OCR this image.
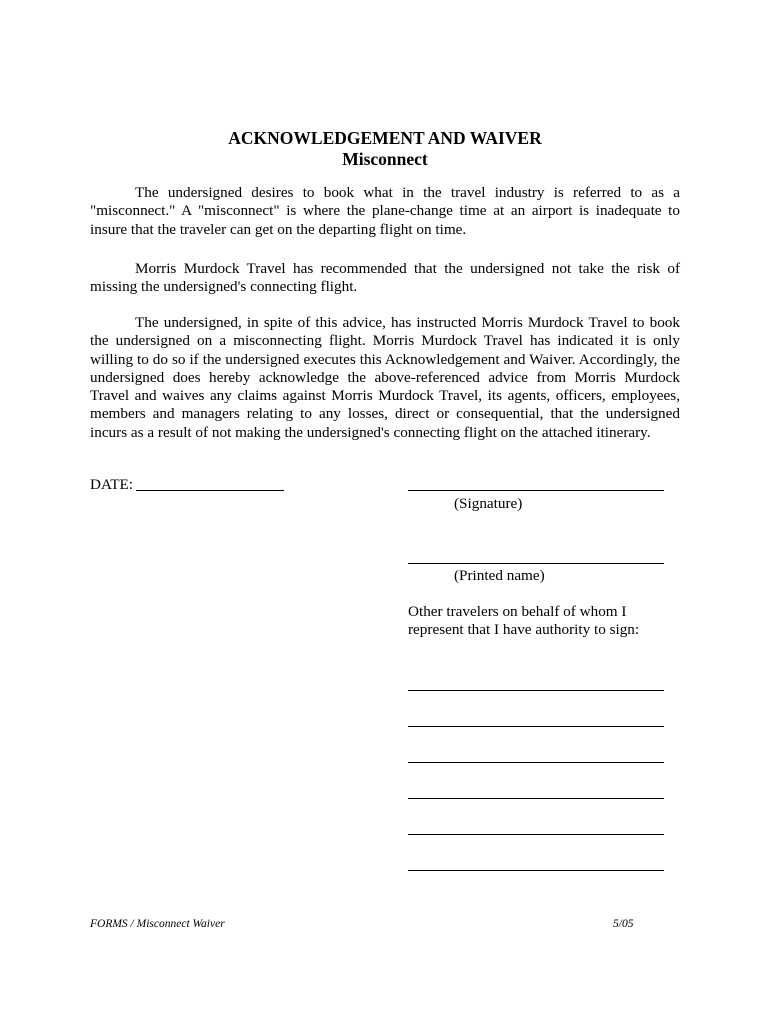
ACKNOWLEDGEMENT AND WAIVER
Misconnect
The undersigned desires to book what in the travel industry is referred to as a "misconnect." A "misconnect" is where the plane-change time at an airport is inadequate to insure that the traveler can get on the departing flight on time.
Morris Murdock Travel has recommended that the undersigned not take the risk of missing the undersigned's connecting flight.
The undersigned, in spite of this advice, has instructed Morris Murdock Travel to book the undersigned on a misconnecting flight. Morris Murdock Travel has indicated it is only willing to do so if the undersigned executes this Acknowledgement and Waiver. Accordingly, the undersigned does hereby acknowledge the above-referenced advice from Morris Murdock Travel and waives any claims against Morris Murdock Travel, its agents, officers, employees, members and managers relating to any losses, direct or consequential, that the undersigned incurs as a result of not making the undersigned's connecting flight on the attached itinerary.
DATE:
(Signature)
(Printed name)
Other travelers on behalf of whom I represent that I have authority to sign:
FORMS / Misconnect Waiver	5/05
